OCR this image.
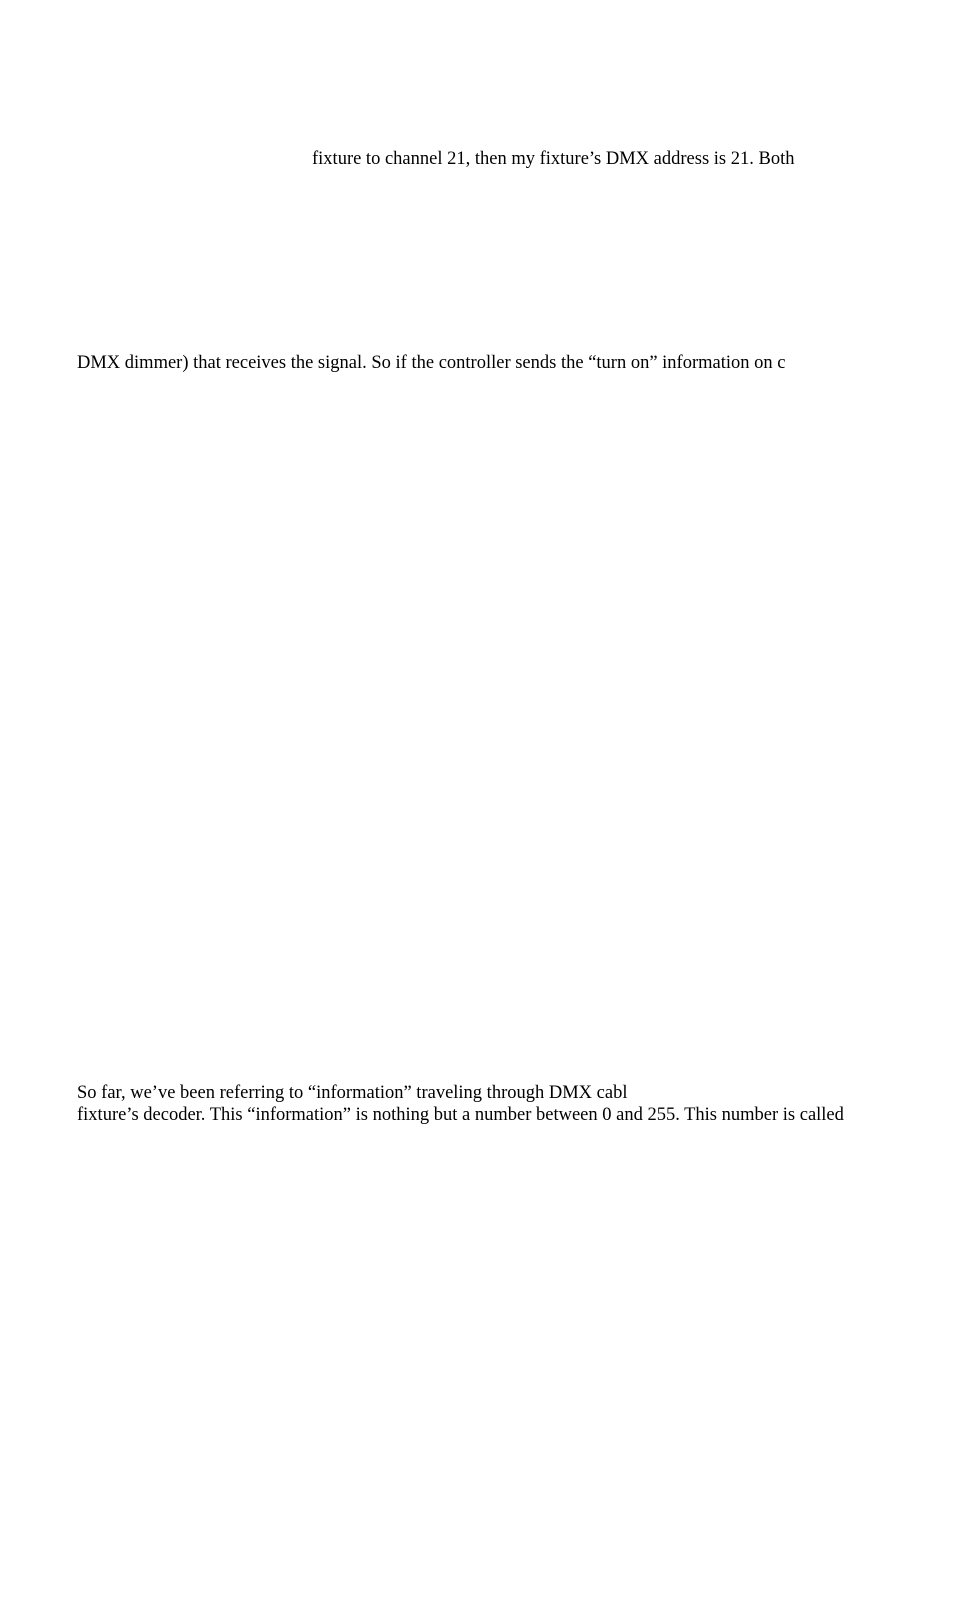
fixture to channel 21, then my fixture’s DMX address is 21. Both

DMX dimmer) that receives the signal. So if the controller sends the “turn on” information on c

So far, we’ve been referring to “information” traveling through DMX cabl

fixture’s decoder. This “information” is nothing but a number between 0 and 255. This number is called
